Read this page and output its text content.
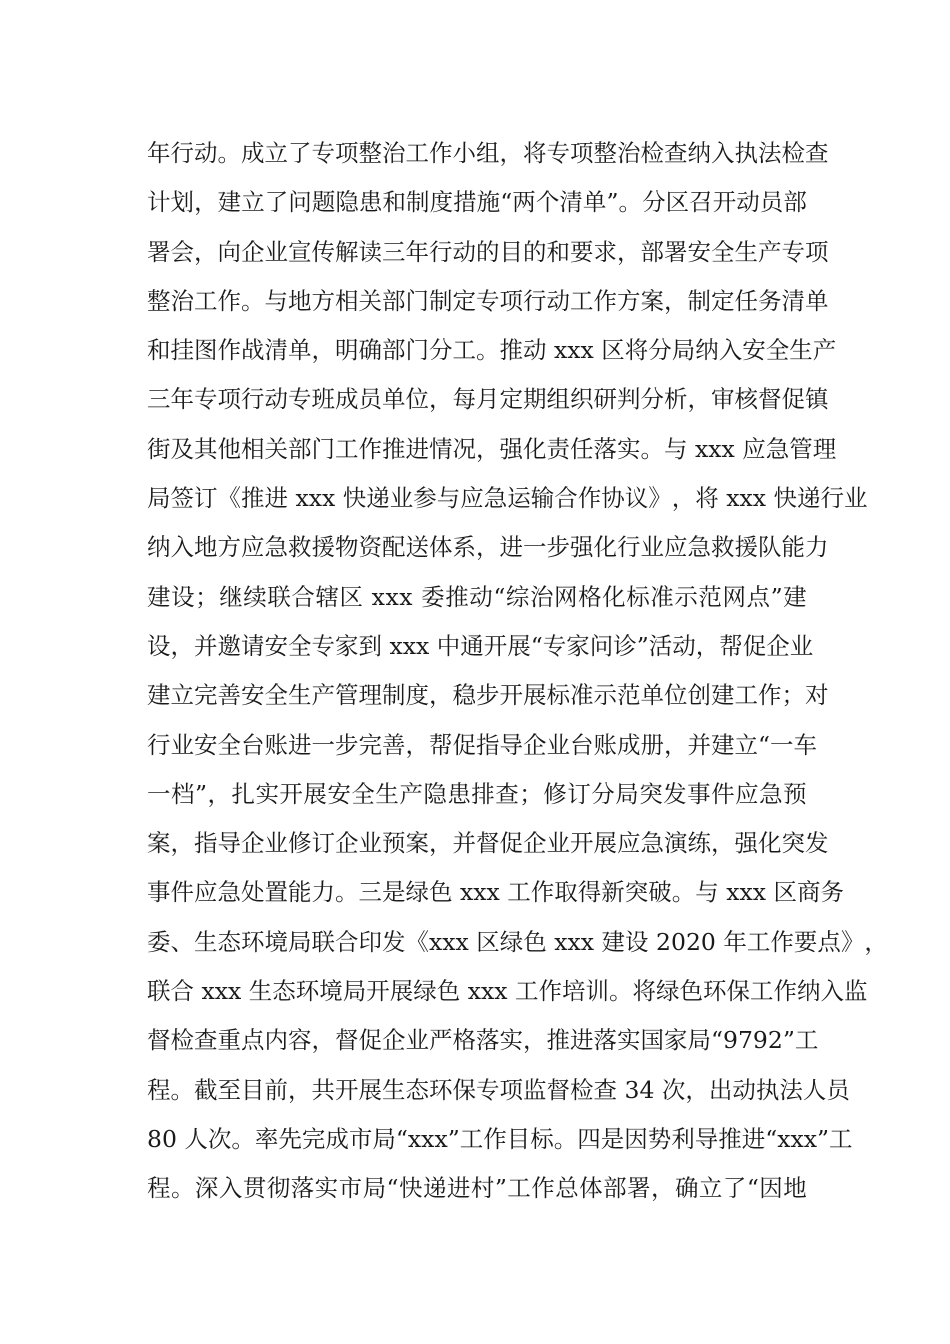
年 行 动 。 成 立 了 专 项 整 治 工 作 小 组 ， 将 专 项 整 治 检 查 纳 入 执 法 检 查
计 划 ， 建 立 了 问 题 隐 患 和 制 度 措 施 “ 两 个 清 单 ” 。 分 区 召 开 动 员 部
署 会 ， 向 企 业 宣 传 解 读 三 年 行 动 的 目 的 和 要 求 ， 部 署 安 全 生 产 专 项
整 治 工 作 。 与 地 方 相 关 部 门 制 定 专 项 行 动 工 作 方 案 ， 制 定 任 务 清 单
和 挂 图 作 战 清 单 ， 明 确 部 门 分 工 。 推 动
x x x
区 将 分 局 纳 入 安 全 生 产
三 年 专 项 行 动 专 班 成 员 单 位 ， 每 月 定 期 组 织 研 判 分 析 ， 审 核 督 促 镇
街 及 其 他 相 关 部 门 工 作 推 进 情 况 ， 强 化 责 任 落 实 。 与
x x x
应 急 管 理
局 签 订 《 推 进
x x x
快 递 业 参 与 应 急 运 输 合 作 协 议 》 ， 将
x x x
快 递 行 业
纳 入 地 方 应 急 救 援 物 资 配 送 体 系 ， 进 一 步 强 化 行 业 应 急 救 援 队 能 力
建 设 ； 继 续 联 合 辖 区
x x x
委 推 动 “ 综 治 网 格 化 标 准 示 范 网 点 ” 建
设 ， 并 邀 请 安 全 专 家 到
x x x
中 通 开 展 “ 专 家 问 诊 ” 活 动 ， 帮 促 企 业
建 立 完 善 安 全 生 产 管 理 制 度 ， 稳 步 开 展 标 准 示 范 单 位 创 建 工 作 ； 对
行 业 安 全 台 账 进 一 步 完 善 ， 帮 促 指 导 企 业 台 账 成 册 ， 并 建 立 “ 一 车
一 档 ” ， 扎 实 开 展 安 全 生 产 隐 患 排 查 ； 修 订 分 局 突 发 事 件 应 急 预
案 ， 指 导 企 业 修 订 企 业 预 案 ， 并 督 促 企 业 开 展 应 急 演 练 ， 强 化 突 发
事 件 应 急 处 置 能 力 。 三 是 绿 色
x x x
工 作 取 得 新 突 破 。 与
x x x
区 商 务
委 、 生 态 环 境 局 联 合 印 发 《 x x x
区 绿 色
x x x
建 设
2 0 2 0
年 工 作 要 点 》 ，
联 合
x x x
生 态 环 境 局 开 展 绿 色
x x x
工 作 培 训 。 将 绿 色 环 保 工 作 纳 入 监
督 检 查 重 点 内 容 ， 督 促 企 业 严 格 落 实 ， 推 进 落 实 国 家 局 “ 9 7 9 2 ” 工
程 。 截 至 目 前 ， 共 开 展 生 态 环 保 专 项 监 督 检 查
3 4
次 ， 出 动 执 法 人 员
8 0
人 次 。 率 先 完 成 市 局 “ x x x ” 工 作 目 标 。 四 是 因 势 利 导 推 进 “ x x x ” 工
程 。 深 入 贯 彻 落 实 市 局 “ 快 递 进 村 ” 工 作 总 体 部 署 ， 确 立 了 “ 因 地
